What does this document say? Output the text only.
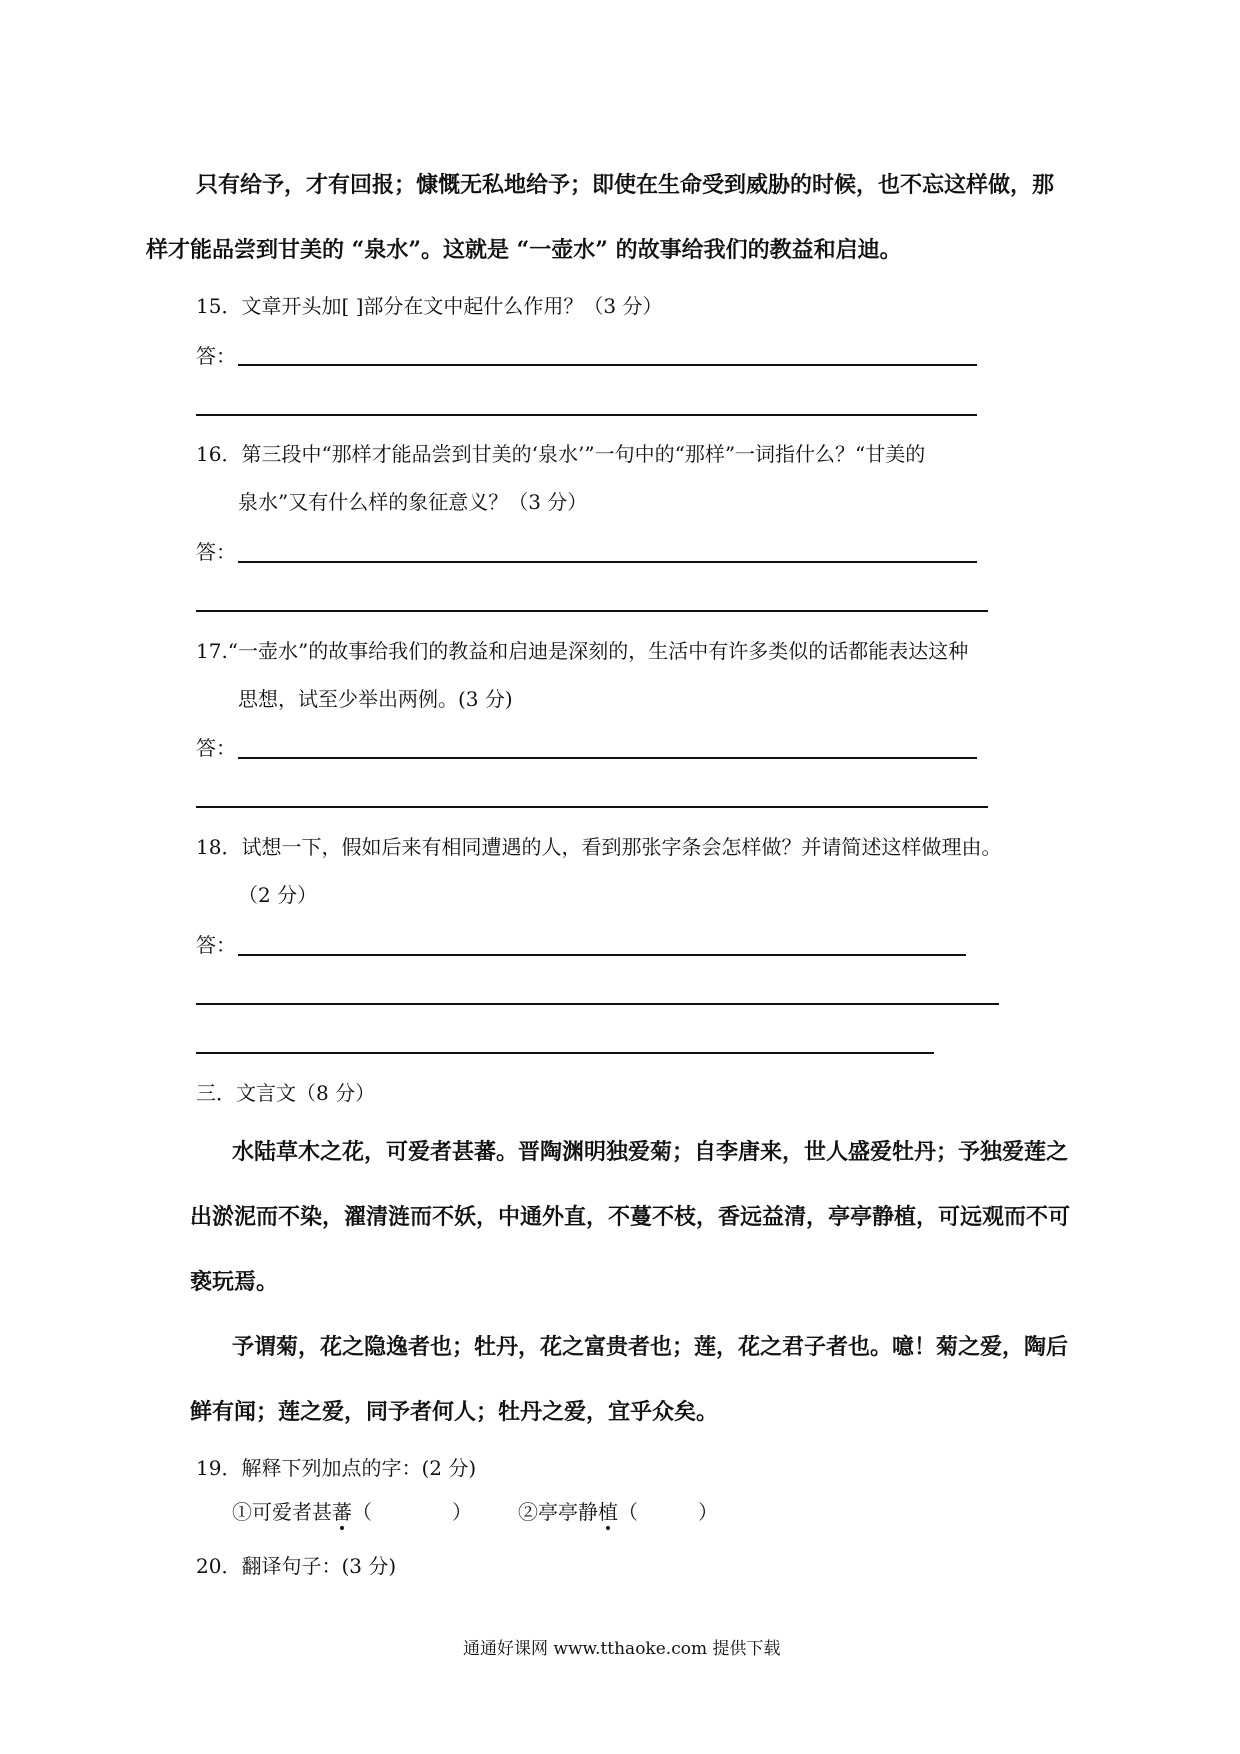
只有给予，才有回报；慷慨无私地给予；即使在生命受到威胁的时候，也不忘这样做，那
样才能品尝到甘美的 “泉水”。这就是 “一壶水” 的故事给我们的教益和启迪。
15．文章开头加[ ]部分在文中起什么作用？（3 分）
答：
16．第三段中“那样才能品尝到甘美的‘泉水’”一句中的“那样”一词指什么？“甘美的
泉水”又有什么样的象征意义？（3 分）
答：
17.“一壶水”的故事给我们的教益和启迪是深刻的，生活中有许多类似的话都能表达这种
思想，试至少举出两例。(3 分)
答：
18．试想一下，假如后来有相同遭遇的人，看到那张字条会怎样做？并请简述这样做理由。
（2 分）
答：
三．文言文（8 分）
水陆草木之花，可爱者甚蕃。晋陶渊明独爱菊；自李唐来，世人盛爱牡丹；予独爱莲之
出淤泥而不染，濯清涟而不妖，中通外直，不蔓不枝，香远益清，亭亭静植，可远观而不可
亵玩焉。
予谓菊，花之隐逸者也；牡丹，花之富贵者也；莲，花之君子者也。噫！菊之爱，陶后
鲜有闻；莲之爱，同予者何人；牡丹之爱，宜乎众矣。
19．解释下列加点的字：(2 分)
①可爱者甚蕃（　　　　） ②亭亭静植（　　　）
20．翻译句子：(3 分)
通通好课网 www.tthaoke.com 提供下载
